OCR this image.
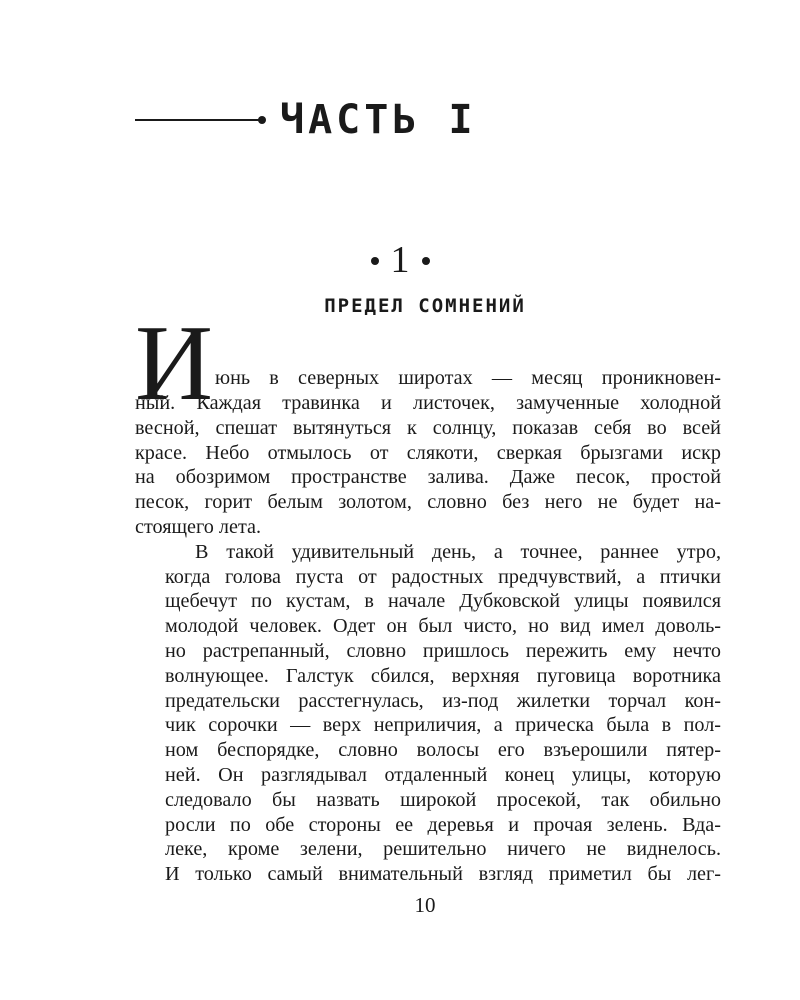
ЧАСТЬ I
1
ПРЕДЕЛ СОМНЕНИЙ
И юнь в северных широтах — месяц проникновен-
ный. Каждая травинка и листочек, замученные холодной
весной, спешат вытянуться к солнцу, показав себя во всей
красе. Небо отмылось от слякоти, сверкая брызгами искр
на обозримом пространстве залива. Даже песок, простой
песок, горит белым золотом, словно без него не будет на-
стоящего лета.
В такой удивительный день, а точнее, раннее утро,
когда голова пуста от радостных предчувствий, а птички
щебечут по кустам, в начале Дубковской улицы появился
молодой человек. Одет он был чисто, но вид имел доволь-
но растрепанный, словно пришлось пережить ему нечто
волнующее. Галстук сбился, верхняя пуговица воротника
предательски расстегнулась, из-под жилетки торчал кон-
чик сорочки — верх неприличия, а прическа была в пол-
ном беспорядке, словно волосы его взъерошили пятер-
ней. Он разглядывал отдаленный конец улицы, которую
следовало бы назвать широкой просекой, так обильно
росли по обе стороны ее деревья и прочая зелень. Вда-
леке, кроме зелени, решительно ничего не виднелось.
И только самый внимательный взгляд приметил бы лег-
10
